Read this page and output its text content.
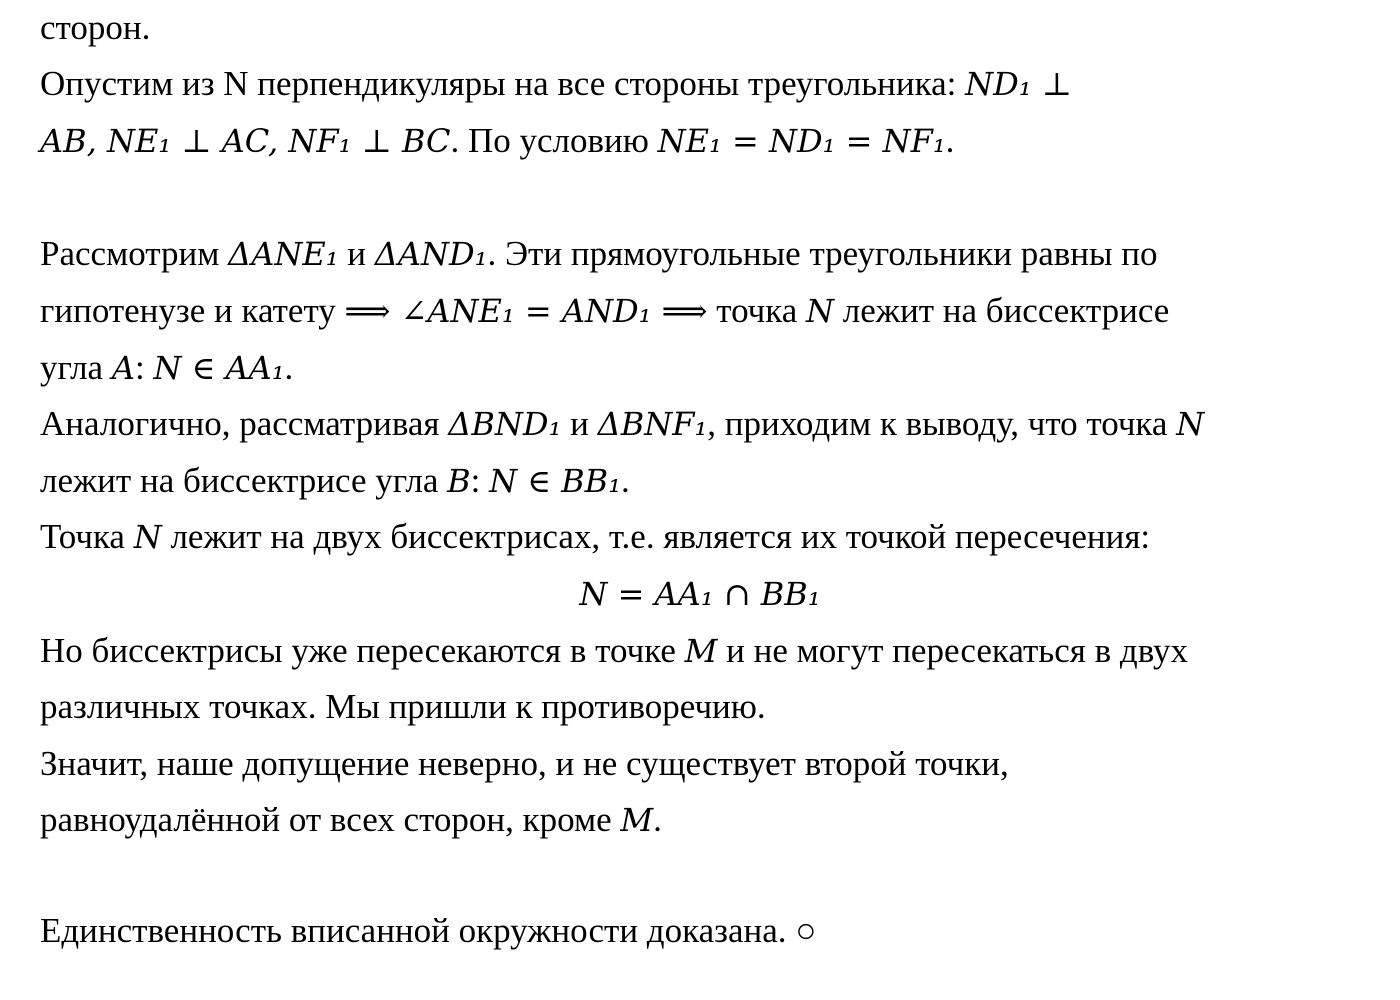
сторон.
Опустим из N перпендикуляры на все стороны треугольника: ND₁ ⊥
AB, NE₁ ⊥ AC, NF₁ ⊥ BC. По условию NE₁ = ND₁ = NF₁.
Рассмотрим ΔANE₁ и ΔAND₁. Эти прямоугольные треугольники равны по
гипотенузе и катету ⟹ ∠ANE₁ = AND₁ ⟹ точка N лежит на биссектрисе
угла A: N ∈ AA₁.
Аналогично, рассматривая ΔBND₁ и ΔBNF₁, приходим к выводу, что точка N
лежит на биссектрисе угла B: N ∈ BB₁.
Точка N лежит на двух биссектрисах, т.е. является их точкой пересечения:
N = AA₁ ∩ BB₁
Но биссектрисы уже пересекаются в точке M и не могут пересекаться в двух
различных точках. Мы пришли к противоречию.
Значит, наше допущение неверно, и не существует второй точки,
равноудалённой от всех сторон, кроме M.
Единственность вписанной окружности доказана. ○
